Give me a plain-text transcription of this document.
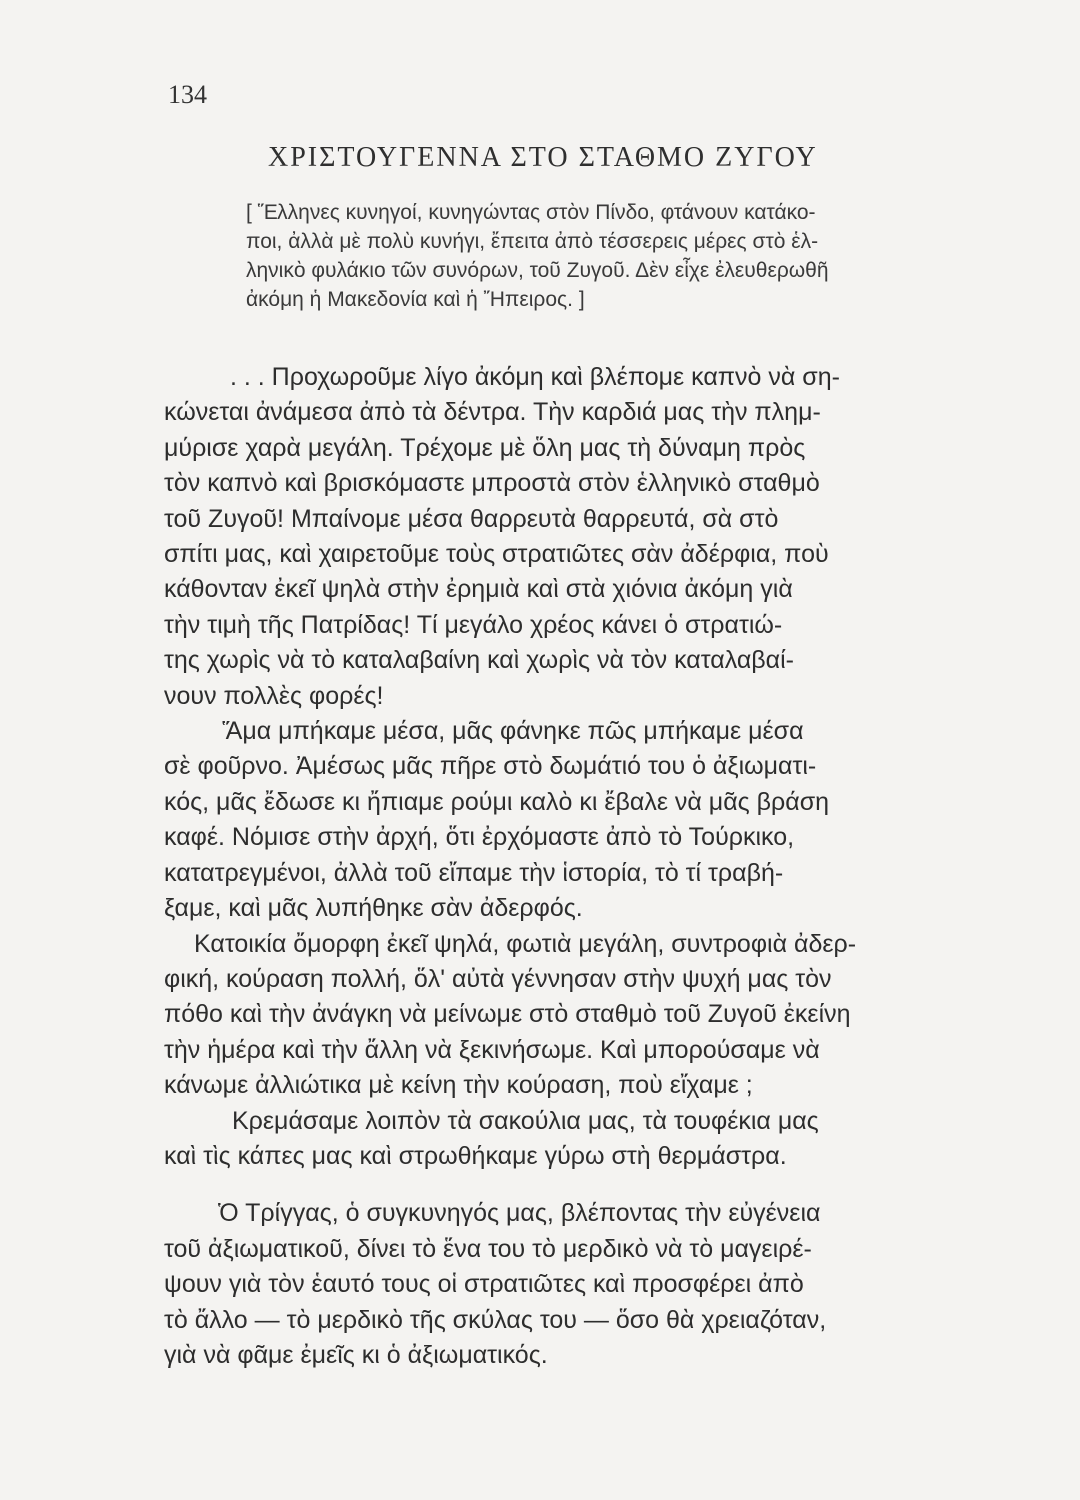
134
ΧΡΙΣΤΟΥΓΕΝΝΑ ΣΤΟ ΣΤΑΘΜΟ ΖΥΓΟΥ
[ Ἕλληνες κυνηγοί, κυνηγώντας στὸν Πίνδο, φτάνουν κατάκο-
ποι, ἀλλὰ μὲ πολὺ κυνήγι, ἔπειτα ἀπὸ τέσσερεις μέρες στὸ ἑλ-
ληνικὸ φυλάκιο τῶν συνόρων, τοῦ Ζυγοῦ. Δὲν εἶχε ἐλευθερωθῆ
ἀκόμη ἡ Μακεδονία καὶ ἡ Ἤπειρος. ]
. . . Προχωροῦμε λίγο ἀκόμη καὶ βλέπομε καπνὸ νὰ ση-
κώνεται ἀνάμεσα ἀπὸ τὰ δέντρα. Τὴν καρδιά μας τὴν πλημ-
μύρισε χαρὰ μεγάλη. Τρέχομε μὲ ὅλη μας τὴ δύναμη πρὸς
τὸν καπνὸ καὶ βρισκόμαστε μπροστὰ στὸν ἑλληνικὸ σταθμὸ
τοῦ Ζυγοῦ! Μπαίνομε μέσα θαρρευτὰ θαρρευτά, σὰ στὸ
σπίτι μας, καὶ χαιρετοῦμε τοὺς στρατιῶτες σὰν ἀδέρφια, ποὺ
κάθονταν ἐκεῖ ψηλὰ στὴν ἐρημιὰ καὶ στὰ χιόνια ἀκόμη γιὰ
τὴν τιμὴ τῆς Πατρίδας! Τί μεγάλο χρέος κάνει ὁ στρατιώ-
της χωρὶς νὰ τὸ καταλαβαίνη καὶ χωρὶς νὰ τὸν καταλαβαί-
νουν πολλὲς φορές!
Ἅμα μπήκαμε μέσα, μᾶς φάνηκε πῶς μπήκαμε μέσα
σὲ φοῦρνο. Ἀμέσως μᾶς πῆρε στὸ δωμάτιό του ὁ ἀξιωματι-
κός, μᾶς ἔδωσε κι ἤπιαμε ρούμι καλὸ κι ἔβαλε νὰ μᾶς βράση
καφέ. Νόμισε στὴν ἀρχή, ὅτι ἐρχόμαστε ἀπὸ τὸ Τούρκικο,
κατατρεγμένοι, ἀλλὰ τοῦ εἴπαμε τὴν ἱστορία, τὸ τί τραβή-
ξαμε, καὶ μᾶς λυπήθηκε σὰν ἀδερφός.
Κατοικία ὄμορφη ἐκεῖ ψηλά, φωτιὰ μεγάλη, συντροφιὰ ἀδερ-
φική, κούραση πολλή, ὅλ' αὐτὰ γέννησαν στὴν ψυχή μας τὸν
πόθο καὶ τὴν ἀνάγκη νὰ μείνωμε στὸ σταθμὸ τοῦ Ζυγοῦ ἐκείνη
τὴν ἡμέρα καὶ τὴν ἄλλη νὰ ξεκινήσωμε. Καὶ μπορούσαμε νὰ
κάνωμε ἀλλιώτικα μὲ κείνη τὴν κούραση, ποὺ εἴχαμε ;
Κρεμάσαμε λοιπὸν τὰ σακούλια μας, τὰ τουφέκια μας
καὶ τὶς κάπες μας καὶ στρωθήκαμε γύρω στὴ θερμάστρα.
Ὁ Τρίγγας, ὁ συγκυνηγός μας, βλέποντας τὴν εὐγένεια
τοῦ ἀξιωματικοῦ, δίνει τὸ ἕνα του τὸ μερδικὸ νὰ τὸ μαγειρέ-
ψουν γιὰ τὸν ἑαυτό τους οἱ στρατιῶτες καὶ προσφέρει ἀπὸ
τὸ ἄλλο — τὸ μερδικὸ τῆς σκύλας του — ὅσο θὰ χρειαζόταν,
γιὰ νὰ φᾶμε ἐμεῖς κι ὁ ἀξιωματικός.
